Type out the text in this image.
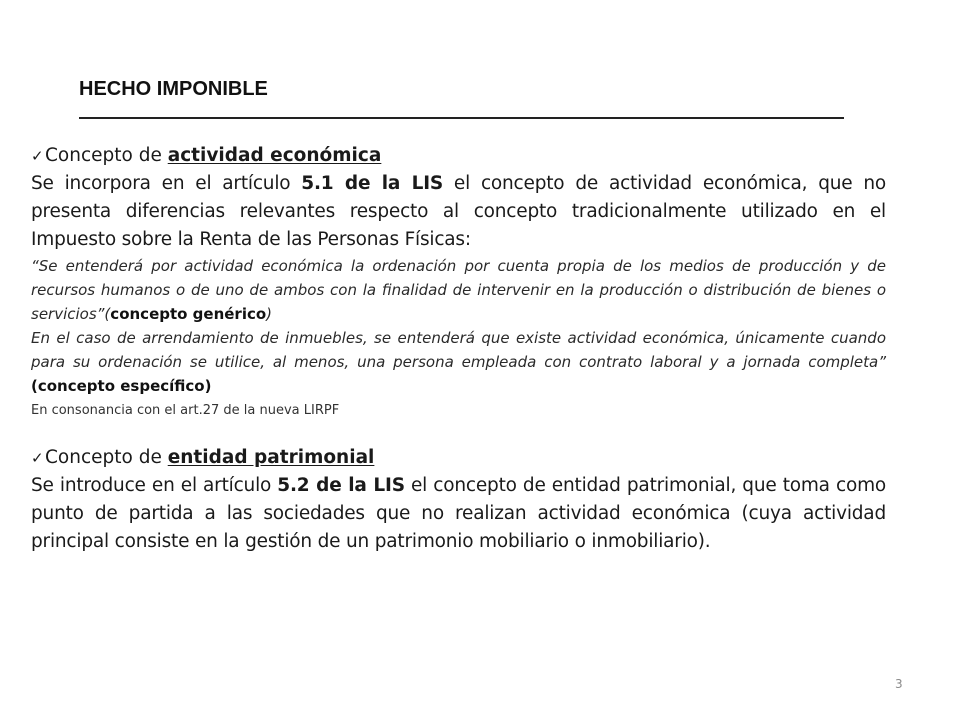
HECHO IMPONIBLE

✓Concepto de actividad económica

Se incorpora en el artículo 5.1 de la LIS el concepto de actividad económica, que no presenta diferencias relevantes respecto al concepto tradicionalmente utilizado en el Impuesto sobre la Renta de las Personas Físicas:

“Se entenderá por actividad económica la ordenación por cuenta propia de los medios de producción y de recursos humanos o de uno de ambos con la finalidad de intervenir en la producción o distribución de bienes o servicios”(concepto genérico)

En el caso de arrendamiento de inmuebles, se entenderá que existe actividad económica, únicamente cuando para su ordenación se utilice, al menos, una persona empleada con contrato laboral y a jornada completa” (concepto específico)

En consonancia con el art.27 de la nueva LIRPF

✓Concepto de entidad patrimonial

Se introduce en el artículo 5.2 de la LIS el concepto de entidad patrimonial, que toma como punto de partida a las sociedades que no realizan actividad económica (cuya actividad principal consiste en la gestión de un patrimonio mobiliario o inmobiliario).

3
